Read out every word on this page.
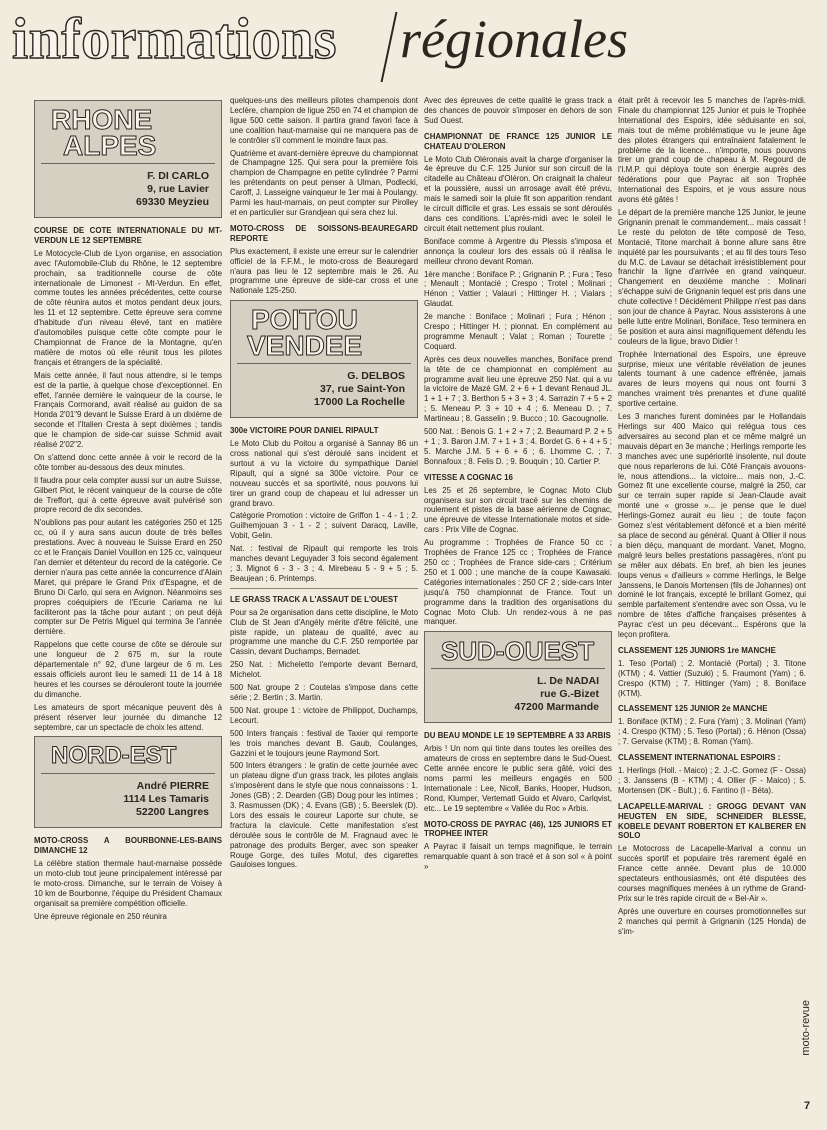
informations régionales
RHONE
ALPES
F. DI CARLO
9, rue Lavier
69330 Meyzieu
COURSE DE COTE INTERNATIONALE DU MT-VERDUN LE 12 SEPTEMBRE

Le Motocycle-Club de Lyon organise, en association avec l'Automobile-Club du Rhône, le 12 septembre prochain, sa traditionnelle course de côte internationale de Limonest - Mt-Verdun. En effet, comme toutes les années précédentes, cette course de côte réunira autos et motos pendant deux jours, les 11 et 12 septembre. Cette épreuve sera comme d'habitude d'un niveau élevé, tant en matière d'automobiles puisque cette côte compte pour le Championnat de France de la Montagne, qu'en matière de motos où elle réunit tous les pilotes français et étrangers de la spécialité.

Mais cette année, il faut nous attendre, si le temps est de la partie, à quelque chose d'exceptionnel. En effet, l'année dernière le vainqueur de la course, le Français Cormorand, avait réalisé au guidon de sa Honda 2'01"9 devant le Suisse Erard à un dixième de seconde et l'Italien Cresta à sept dixièmes ; tandis que le champion de side-car suisse Schmid avait réalisé 2'02"2.

On s'attend donc cette année à voir le record de la côte tomber au-dessous des deux minutes.

Il faudra pour cela compter aussi sur un autre Suisse, Gilbert Piot, le récent vainqueur de la course de côte de Treffort, qui à cette épreuve avait pulvérisé son propre record de dix secondes.

N'oublions pas pour autant les catégories 250 et 125 cc, où il y aura sans aucun doute de très belles prestations. Avec à nouveau le Suisse Erard en 250 cc et le Français Daniel Vouillon en 125 cc, vainqueur l'an dernier et détenteur du record de la catégorie. Ce dernier n'aura pas cette année la concurrence d'Alain Maret, qui prépare le Grand Prix d'Espagne, et de Bruno Di Carlo, qui sera en Avignon. Néanmoins ses propres coéquipiers de l'Ecurie Cariama ne lui faciliteront pas la tâche pour autant ; on peut déjà compter sur De Petris Miguel qui termina 3e l'année dernière.

Rappelons que cette course de côte se déroule sur une longueur de 2 675 m, sur la route départementale n° 92, d'une largeur de 6 m. Les essais officiels auront lieu le samedi 11 de 14 à 18 heures et les courses se dérouleront toute la journée du dimanche.

Les amateurs de sport mécanique peuvent dès à présent réserver leur journée du dimanche 12 septembre, car un spectacle de choix les attend.

NORD-EST
André PIERRE
1114 Les Tamaris
52200 Langres
MOTO-CROSS A BOURBONNE-LES-BAINS DIMANCHE 12

La célèbre station thermale haut-marnaise possède un moto-club tout jeune principalement intéressé par le moto-cross. Dimanche, sur le terrain de Voisey à 10 km de Bourbonne, l'équipe du Président Chamaux organisait sa première compétition officielle.

Une épreuve régionale en 250 réunira

quelques-uns des meilleurs pilotes champenois dont Leclère, champion de ligue 250 en 74 et champion de ligue 500 cette saison. Il partira grand favori face à une coalition haut-marnaise qui ne manquera pas de le contrôler s'il comment le moindre faux pas.

Quatrième et avant-dernière épreuve du championnat de Champagne 125. Qui sera pour la première fois champion de Champagne en petite cylindrée ? Parmi les prétendants on peut penser à Ulman, Podlecki, Caroff, J. Lasseigne vainqueur le 1er mai à Poulangy. Parmi les haut-marnais, on peut compter sur Pirolley et en particulier sur Grandjean qui sera chez lui.

MOTO-CROSS DE SOISSONS-BEAUREGARD REPORTE

Plus exactement, il existe une erreur sur le calendrier officiel de la F.F.M., le moto-cross de Beauregard n'aura pas lieu le 12 septembre mais le 26. Au programme une épreuve de side-car cross et une Nationale 125-250.

POITOU
VENDEE
G. DELBOS
37, rue Saint-Yon
17000 La Rochelle
300e VICTOIRE POUR DANIEL RIPAULT

Le Moto Club du Poitou a organisé à Sannay 86 un cross national qui s'est déroulé sans incident et surtout a vu la victoire du sympathique Daniel Ripault, qui a signé sa 300e victoire. Pour ce nouveau succès et sa sportivité, nous pouvons lui tirer un grand coup de chapeau et lui adresser un grand bravo.

Catégorie Promotion : victoire de Griffon 1 - 4 - 1 ; 2. Guilhemjouan 3 - 1 - 2 ; suivent Daracq, Laville, Vobit, Gelin.

Nat. : festival de Ripault qui remporte les trois manches devant Leguyader 3 fois second également ; 3. Mignot 6 - 3 - 3 ; 4. Mirebeau 5 - 9 + 5 ; 5. Beaujean ; 6. Printemps.

LE GRASS TRACK A L'ASSAUT DE L'OUEST

Pour sa 2e organisation dans cette discipline, le Moto Club de St Jean d'Angély mérite d'être félicité, une piste rapide, un plateau de qualité, avec au programme une manche du C.F. 250 remportée par Cassin, devant Duchamps, Bernadet.

250 Nat. : Micheletto l'emporte devant Bernard, Michelot.

500 Nat. groupe 2 : Coutelas s'impose dans cette série ; 2. Bertin ; 3. Martin.

500 Nat. groupe 1 : victoire de Philippot, Duchamps, Lecourt.

500 Inters français : festival de Taxier qui remporte les trois manches devant B. Gaub, Coulanges, Gazzini et le toujours jeune Raymond Sort.

500 Inters étrangers : le gratin de cette journée avec un plateau digne d'un grass track, les pilotes anglais s'imposèrent dans le style que nous connaissons : 1. Jones (GB) ; 2. Dearden (GB) Doug pour les intimes ; 3. Rasmussen (DK) ; 4. Evans (GB) ; 5. Beerslek (D). Lors des essais le coureur Laporte sur chute, se fractura la clavicule. Cette manifestation s'est déroulée sous le contrôle de M. Fragnaud avec le patronage des produits Berger, avec son speaker Rouge Gorge, des tuiles Motul, des cigarettes Gauloises longues.

Avec des épreuves de cette qualité le grass track a des chances de pouvoir s'imposer en dehors de son Sud Ouest.

CHAMPIONNAT DE FRANCE 125 JUNIOR LE CHATEAU D'OLERON

Le Moto Club Oléronais avait la charge d'organiser la 4e épreuve du C.F. 125 Junior sur son circuit de la citadelle au Château d'Oléron. On craignait la chaleur et la poussière, aussi un arrosage avait été prévu, mais le samedi soir la pluie fit son apparition rendant le circuit difficile et gras. Les essais se sont déroulés dans ces conditions. L'après-midi avec le soleil le circuit était nettement plus roulant.

Boniface comme à Argentre du Plessis s'imposa et annonça la couleur lors des essais où il réalisa le meilleur chrono devant Roman.

1ère manche : Boniface P. ; Grignanin P. ; Fura ; Teso ; Menault ; Montacié ; Crespo ; Trotel ; Molinari ; Hénon ; Vattier ; Valauri ; Hittinger H. ; Vialars ; Glaudat.

2e manche : Boniface ; Molinari ; Fura ; Hénon ; Crespo ; Hittinger H. ; pionnat. En complément au programme Menault ; Valat ; Roman ; Tourette ; Coquard.

Après ces deux nouvelles manches, Boniface prend la tête de ce championnat en complément au programme avait lieu une épreuve 250 Nat. qui a vu la victoire de Mazé GM. 2 + 6 + 1 devant Renaud JL. 1 + 1 + 7 ; 3. Berthon 5 + 3 + 3 ; 4. Sarrazin 7 + 5 + 2 ; 5. Meneau P. 3 + 10 + 4 ; 6. Meneau D. ; 7. Martineau ; 8. Gasselin ; 9. Bucco ; 10. Gacougnolle.

500 Nat. : Benois G. 1 + 2 + 7 ; 2. Beaumard P. 2 + 5 + 1 ; 3. Baron J.M. 7 + 1 + 3 ; 4. Bordet G. 6 + 4 + 5 ; 5. Marche J.M. 5 + 6 + 6 ; 6. Lhomme C. ; 7. Bonnafoux ; 8. Felis D. ; 9. Bouquin ; 10. Cartier P.

VITESSE A COGNAC 16

Les 25 et 26 septembre, le Cognac Moto Club organisera sur son circuit tracé sur les chemins de roulement et pistes de la base aérienne de Cognac, une épreuve de vitesse Internationale motos et side-cars : Prix Ville de Cognac.

Au programme : Trophées de France 50 cc ; Trophées de France 125 cc ; Trophées de France 250 cc ; Trophées de France side-cars ; Critérium 250 et 1 000 ; une manche de la coupe Kawasaki. Catégories internationales : 250 CF 2 ; side-cars Inter jusqu'à 750 championnat de France. Tout un programme dans la tradition des organisations du Cognac Moto Club. Un rendez-vous à ne pas manquer.

SUD-OUEST
L. De NADAI
rue G.-Bizet
47200 Marmande
DU BEAU MONDE LE 19 SEPTEMBRE A 33 ARBIS

Arbis ! Un nom qui tinte dans toutes les oreilles des amateurs de cross en septembre dans le Sud-Ouest. Cette année encore le public sera gâté, voici des noms parmi les meilleurs engagés en 500 Internationale : Lee, Nicoll, Banks, Hooper, Hudson, Rond, Klumper, Vertematl Guido et Alvaro, Carlqvist, etc... Le 19 septembre « Vallée du Roc » Arbis.

MOTO-CROSS DE PAYRAC (46), 125 JUNIORS ET TROPHEE INTER

A Payrac il faisait un temps magnifique, le terrain remarquable quant à son tracé et à son sol « à point »

était prêt à recevoir les 5 manches de l'après-midi. Finale du championnat 125 Junior et puis le Trophée International des Espoirs, idée séduisante en soi, mais tout de même problématique vu le jeune âge des pilotes étrangers qui entraînaient fatalement le problème de la licence... n'importe, nous pouvons tirer un grand coup de chapeau à M. Regourd de l'I.M.P. qui déploya toute son énergie auprès des fédérations pour que Payrac ait son Trophée International des Espoirs, et je vous assure nous avons été gâtés !

Le départ de la première manche 125 Junior, le jeune Grignanin prenait le commandement... mais cassait ! Le reste du peloton de tête composé de Teso, Montacié, Titone marchait à bonne allure sans être inquiété par les poursuivants ; et au fil des tours Teso du M.C. de Lavaur se détachait irrésistiblement pour franchir la ligne d'arrivée en grand vainqueur. Changement en deuxième manche : Molinari s'échappe suivi de Grignanin lequel est pris dans une chute collective ! Décidément Philippe n'est pas dans son jour de chance à Payrac. Nous assisterons à une belle lutte entre Molinari, Boniface, Teso terminera en 5e position et aura ainsi magnifiquement défendu les couleurs de la ligue, bravo Didier !

Trophée International des Espoirs, une épreuve surprise, mieux une véritable révélation de jeunes talents tournant à une cadence effrénée, jamais avares de leurs moyens qui nous ont fourni 3 manches vraiment très prenantes et d'une qualité sportive certaine.

Les 3 manches furent dominées par le Hollandais Herlings sur 400 Maico qui relégua tous ces adversaires au second plan et ce même malgré un mauvais départ en 3e manche ; Herlings remporte les 3 manches avec une supériorité insolente, nul doute que nous reparlerons de lui. Côté Français avouons-le, nous attendions... la victoire... mais non, J.-C. Gomez fit une excellente course, malgré la 250, car sur ce terrain super rapide si Jean-Claude avait monté une « grosse »... je pense que le duel Herlings-Gomez aurait eu lieu ; de toute façon Gomez s'est véritablement défoncé et a bien mérité sa place de second au général. Quant à Ollier il nous a bien déçu, manquant de mordant. Vanet, Mogno, malgré leurs belles prestations passagères, n'ont pu se mêler aux débats. En bref, ah bien les jeunes loups venus « d'ailleurs » comme Herlings, le Belge Janssens, le Danois Mortensen (fils de Johannes) ont dominé le lot français, excepté le brillant Gomez, qui semble parfaitement s'entendre avec son Ossa, vu le nombre de têtes d'affiche françaises présentes à Payrac c'est un peu décevant... Espérons que la leçon profitera.

CLASSEMENT 125 JUNIORS 1re MANCHE

1. Teso (Portal) ; 2. Montacié (Portal) ; 3. Titone (KTM) ; 4. Vattier (Suzuki) ; 5. Fraumont (Yam) ; 6. Crespo (KTM) ; 7. Hittinger (Yam) ; 8. Boniface (KTM).

CLASSEMENT 125 JUNIOR 2e MANCHE

1. Boniface (KTM) ; 2. Fura (Yam) ; 3. Molinari (Yam) ; 4. Crespo (KTM) ; 5. Teso (Portal) ; 6. Hénon (Ossa) ; 7. Gervaise (KTM) ; 8. Roman (Yam).

CLASSEMENT INTERNATIONAL ESPOIRS :

1. Herlings (Holl. - Maico) ; 2. J.-C. Gomez (F - Ossa) ; 3. Janssens (B - KTM) ; 4. Ollier (F - Maico) ; 5. Mortensen (DK - Bult.) ; 6. Fantino (I - Béta).

LACAPELLE-MARIVAL : GROGG DEVANT VAN HEUGTEN EN SIDE, SCHNEIDER BLESSE, KOBELE DEVANT ROBERTON ET KALBERER EN SOLO

Le Motocross de Lacapelle-Marival a connu un succès sportif et populaire très rarement égalé en France cette année. Devant plus de 10.000 spectateurs enthousiasmés, ont été disputées des courses magnifiques menées à un rythme de Grand-Prix sur le très rapide circuit de « Bel-Air ».

Après une ouverture en courses promotionnelles sur 2 manches qui permit à Grignanin (125 Honda) de s'im-

moto-revue
7
